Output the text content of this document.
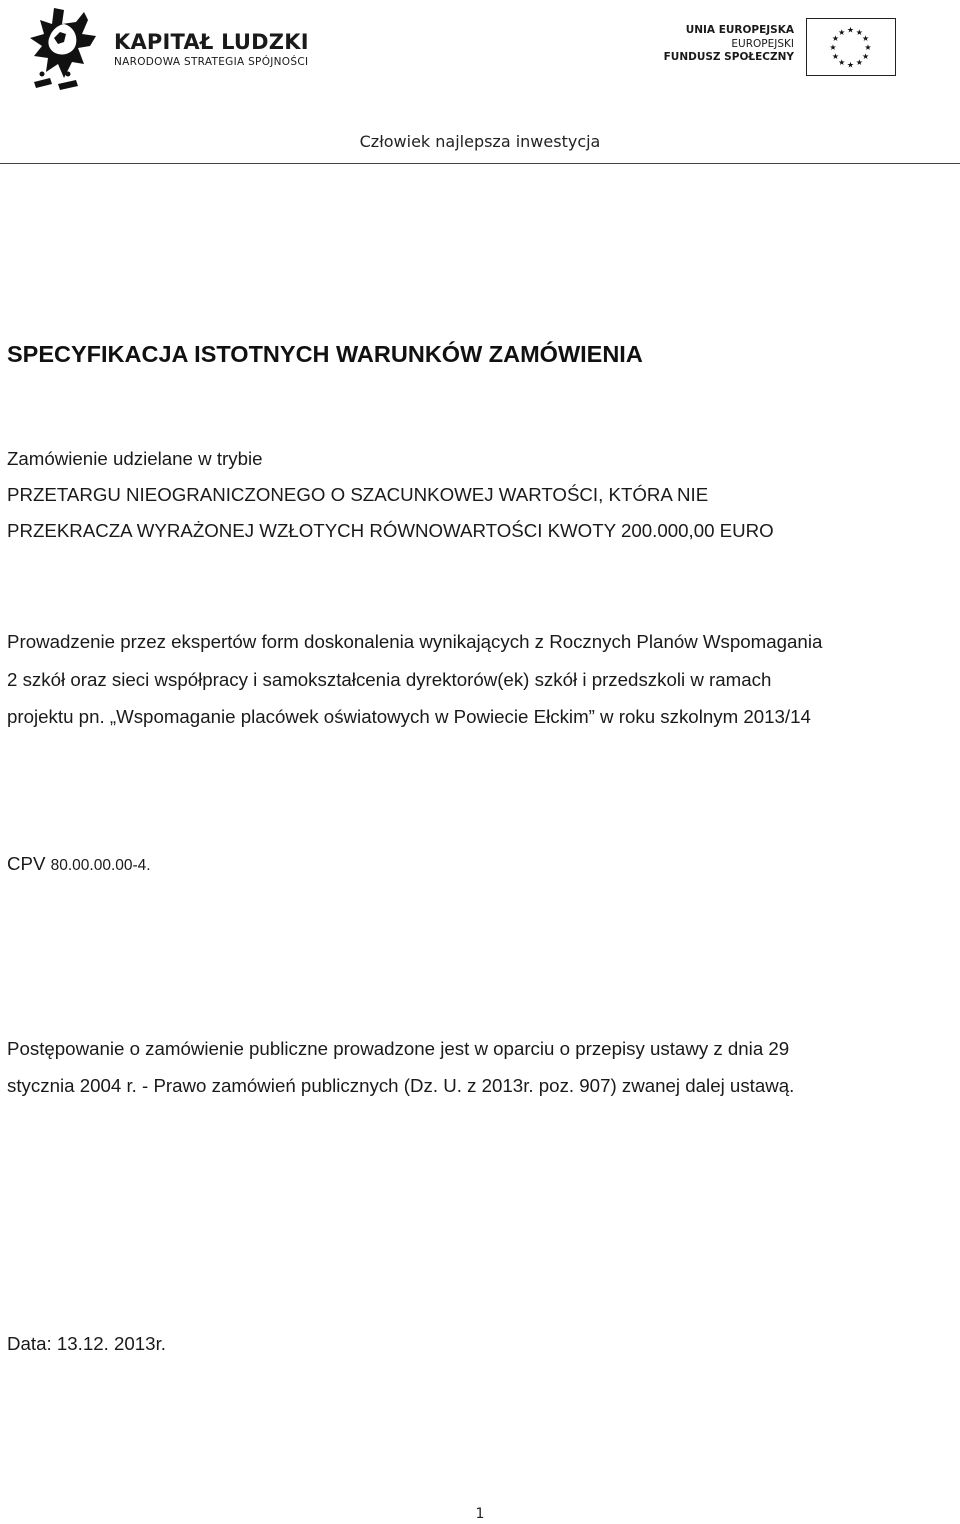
KAPITAŁ LUDZKI
NARODOWA STRATEGIA SPÓJNOŚCI
UNIA EUROPEJSKA
EUROPEJSKI
FUNDUSZ SPOŁECZNY
★ ★
★
★
★
★
★
★
★
★
★
★
Człowiek najlepsza inwestycja
SPECYFIKACJA ISTOTNYCH WARUNKÓW ZAMÓWIENIA
Zamówienie udzielane w trybie
PRZETARGU NIEOGRANICZONEGO O SZACUNKOWEJ WARTOŚCI, KTÓRA NIE
PRZEKRACZA WYRAŻONEJ WZŁOTYCH RÓWNOWARTOŚCI KWOTY 200.000,00 EURO
Prowadzenie przez ekspertów form doskonalenia wynikających z Rocznych Planów Wspomagania
2 szkół oraz sieci współpracy i samokształcenia dyrektorów(ek) szkół i przedszkoli w ramach
projektu pn. „Wspomaganie placówek oświatowych w Powiecie Ełckim” w roku szkolnym 2013/14
CPV 80.00.00.00-4.
Postępowanie o zamówienie publiczne prowadzone jest w oparciu o przepisy ustawy z dnia 29
stycznia 2004 r. - Prawo zamówień publicznych (Dz. U. z 2013r. poz. 907) zwanej dalej ustawą.
Data: 13.12. 2013r.
1
